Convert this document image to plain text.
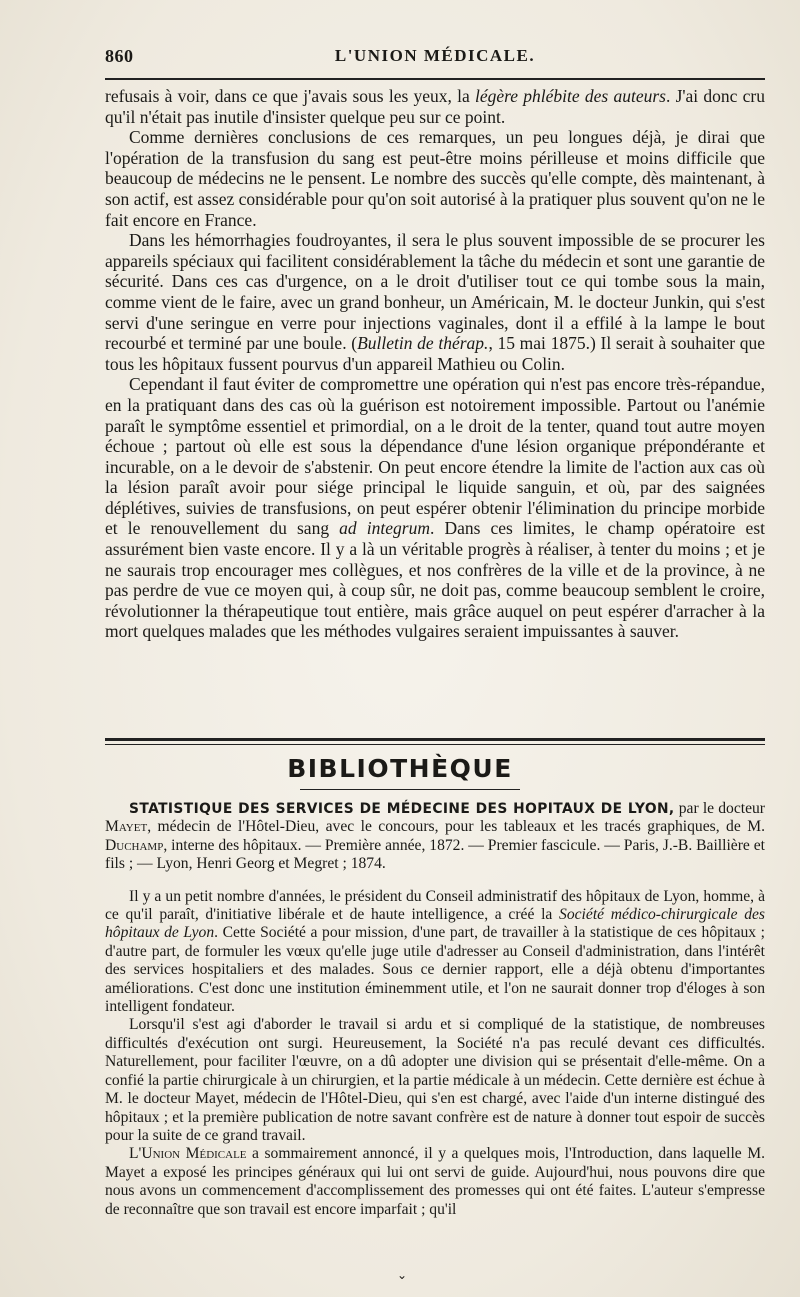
860	L'UNION MÉDICALE.

refusais à voir, dans ce que j'avais sous les yeux, la légère phlébite des auteurs. J'ai donc cru qu'il n'était pas inutile d'insister quelque peu sur ce point.

Comme dernières conclusions de ces remarques, un peu longues déjà, je dirai que l'opération de la transfusion du sang est peut-être moins périlleuse et moins difficile que beaucoup de médecins ne le pensent. Le nombre des succès qu'elle compte, dès maintenant, à son actif, est assez considérable pour qu'on soit autorisé à la pratiquer plus souvent qu'on ne le fait encore en France.

Dans les hémorrhagies foudroyantes, il sera le plus souvent impossible de se procurer les appareils spéciaux qui facilitent considérablement la tâche du médecin et sont une garantie de sécurité. Dans ces cas d'urgence, on a le droit d'utiliser tout ce qui tombe sous la main, comme vient de le faire, avec un grand bonheur, un Américain, M. le docteur Junkin, qui s'est servi d'une seringue en verre pour injections vaginales, dont il a effilé à la lampe le bout recourbé et terminé par une boule. (Bulletin de thérap., 15 mai 1875.) Il serait à souhaiter que tous les hôpitaux fussent pourvus d'un appareil Mathieu ou Colin.

Cependant il faut éviter de compromettre une opération qui n'est pas encore très-répandue, en la pratiquant dans des cas où la guérison est notoirement impossible. Partout ou l'anémie paraît le symptôme essentiel et primordial, on a le droit de la tenter, quand tout autre moyen échoue ; partout où elle est sous la dépendance d'une lésion organique prépondérante et incurable, on a le devoir de s'abstenir. On peut encore étendre la limite de l'action aux cas où la lésion paraît avoir pour siége principal le liquide sanguin, et où, par des saignées déplétives, suivies de transfusions, on peut espérer obtenir l'élimination du principe morbide et le renouvellement du sang ad integrum. Dans ces limites, le champ opératoire est assurément bien vaste encore. Il y a là un véritable progrès à réaliser, à tenter du moins ; et je ne saurais trop encourager mes collègues, et nos confrères de la ville et de la province, à ne pas perdre de vue ce moyen qui, à coup sûr, ne doit pas, comme beaucoup semblent le croire, révolutionner la thérapeutique tout entière, mais grâce auquel on peut espérer d'arracher à la mort quelques malades que les méthodes vulgaires seraient impuissantes à sauver.

BIBLIOTHÈQUE

STATISTIQUE DES SERVICES DE MÉDECINE DES HOPITAUX DE LYON, par le docteur Mayet, médecin de l'Hôtel-Dieu, avec le concours, pour les tableaux et les tracés graphiques, de M. Duchamp, interne des hôpitaux. — Première année, 1872. — Premier fascicule. — Paris, J.-B. Baillière et fils ; — Lyon, Henri Georg et Megret ; 1874.

Il y a un petit nombre d'années, le président du Conseil administratif des hôpitaux de Lyon, homme, à ce qu'il paraît, d'initiative libérale et de haute intelligence, a créé la Société médico-chirurgicale des hôpitaux de Lyon. Cette Société a pour mission, d'une part, de travailler à la statistique de ces hôpitaux ; d'autre part, de formuler les vœux qu'elle juge utile d'adresser au Conseil d'administration, dans l'intérêt des services hospitaliers et des malades. Sous ce dernier rapport, elle a déjà obtenu d'importantes améliorations. C'est donc une institution éminemment utile, et l'on ne saurait donner trop d'éloges à son intelligent fondateur.

Lorsqu'il s'est agi d'aborder le travail si ardu et si compliqué de la statistique, de nombreuses difficultés d'exécution ont surgi. Heureusement, la Société n'a pas reculé devant ces difficultés. Naturellement, pour faciliter l'œuvre, on a dû adopter une division qui se présentait d'elle-même. On a confié la partie chirurgicale à un chirurgien, et la partie médicale à un médecin. Cette dernière est échue à M. le docteur Mayet, médecin de l'Hôtel-Dieu, qui s'en est chargé, avec l'aide d'un interne distingué des hôpitaux ; et la première publication de notre savant confrère est de nature à donner tout espoir de succès pour la suite de ce grand travail.

L'Union Médicale a sommairement annoncé, il y a quelques mois, l'Introduction, dans laquelle M. Mayet a exposé les principes généraux qui lui ont servi de guide. Aujourd'hui, nous pouvons dire que nous avons un commencement d'accomplissement des promesses qui ont été faites. L'auteur s'empresse de reconnaître que son travail est encore imparfait ; qu'il

⌄
